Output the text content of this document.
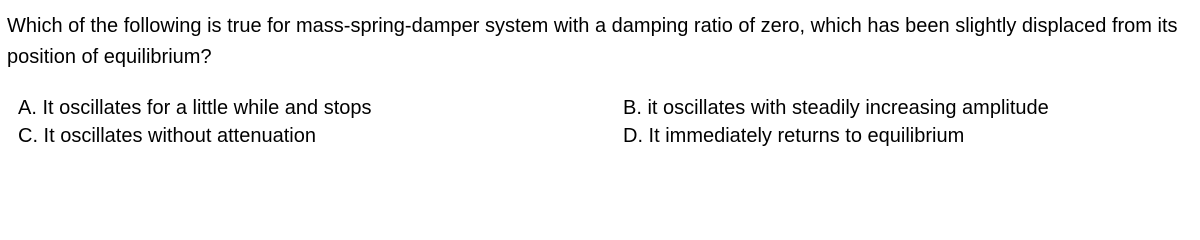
Which of the following is true for mass-spring-damper system with a damping ratio of zero, which has been slightly displaced from its position of equilibrium?
A. It oscillates for a little while and stops
C. It oscillates without attenuation
B. it oscillates with steadily increasing amplitude
D. It immediately returns to equilibrium
